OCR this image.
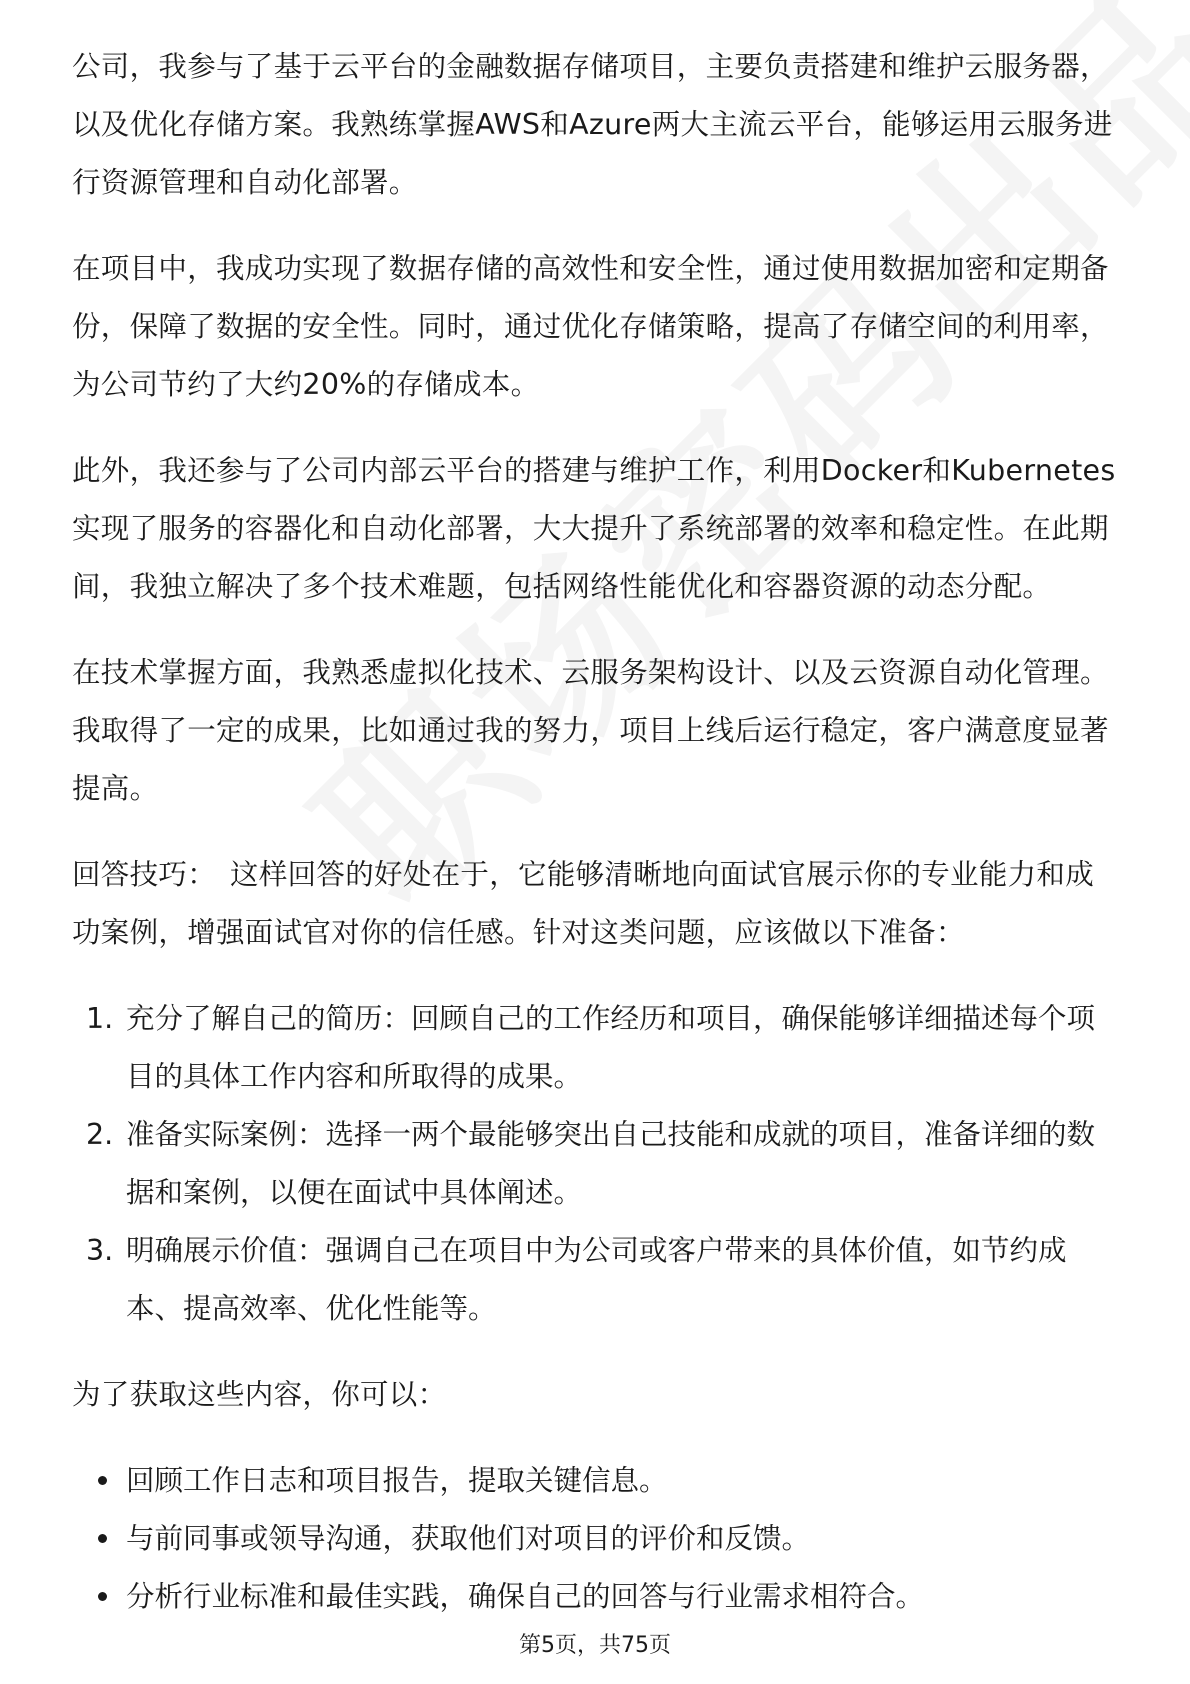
公司，我参与了基于云平台的金融数据存储项目，主要负责搭建和维护云服务器，以及优化存储方案。我熟练掌握AWS和Azure两大主流云平台，能够运用云服务进行资源管理和自动化部署。

在项目中，我成功实现了数据存储的高效性和安全性，通过使用数据加密和定期备份，保障了数据的安全性。同时，通过优化存储策略，提高了存储空间的利用率，为公司节约了大约20%的存储成本。

此外，我还参与了公司内部云平台的搭建与维护工作，利用Docker和Kubernetes实现了服务的容器化和自动化部署，大大提升了系统部署的效率和稳定性。在此期间，我独立解决了多个技术难题，包括网络性能优化和容器资源的动态分配。

在技术掌握方面，我熟悉虚拟化技术、云服务架构设计、以及云资源自动化管理。我取得了一定的成果，比如通过我的努力，项目上线后运行稳定，客户满意度显著提高。

回答技巧： 这样回答的好处在于，它能够清晰地向面试官展示你的专业能力和成功案例，增强面试官对你的信任感。针对这类问题，应该做以下准备：

1. 充分了解自己的简历：回顾自己的工作经历和项目，确保能够详细描述每个项目的具体工作内容和所取得的成果。
2. 准备实际案例：选择一两个最能够突出自己技能和成就的项目，准备详细的数据和案例，以便在面试中具体阐述。
3. 明确展示价值：强调自己在项目中为公司或客户带来的具体价值，如节约成本、提高效率、优化性能等。

为了获取这些内容，你可以：

回顾工作日志和项目报告，提取关键信息。
与前同事或领导沟通，获取他们对项目的评价和反馈。
分析行业标准和最佳实践，确保自己的回答与行业需求相符合。
第5页，共75页
